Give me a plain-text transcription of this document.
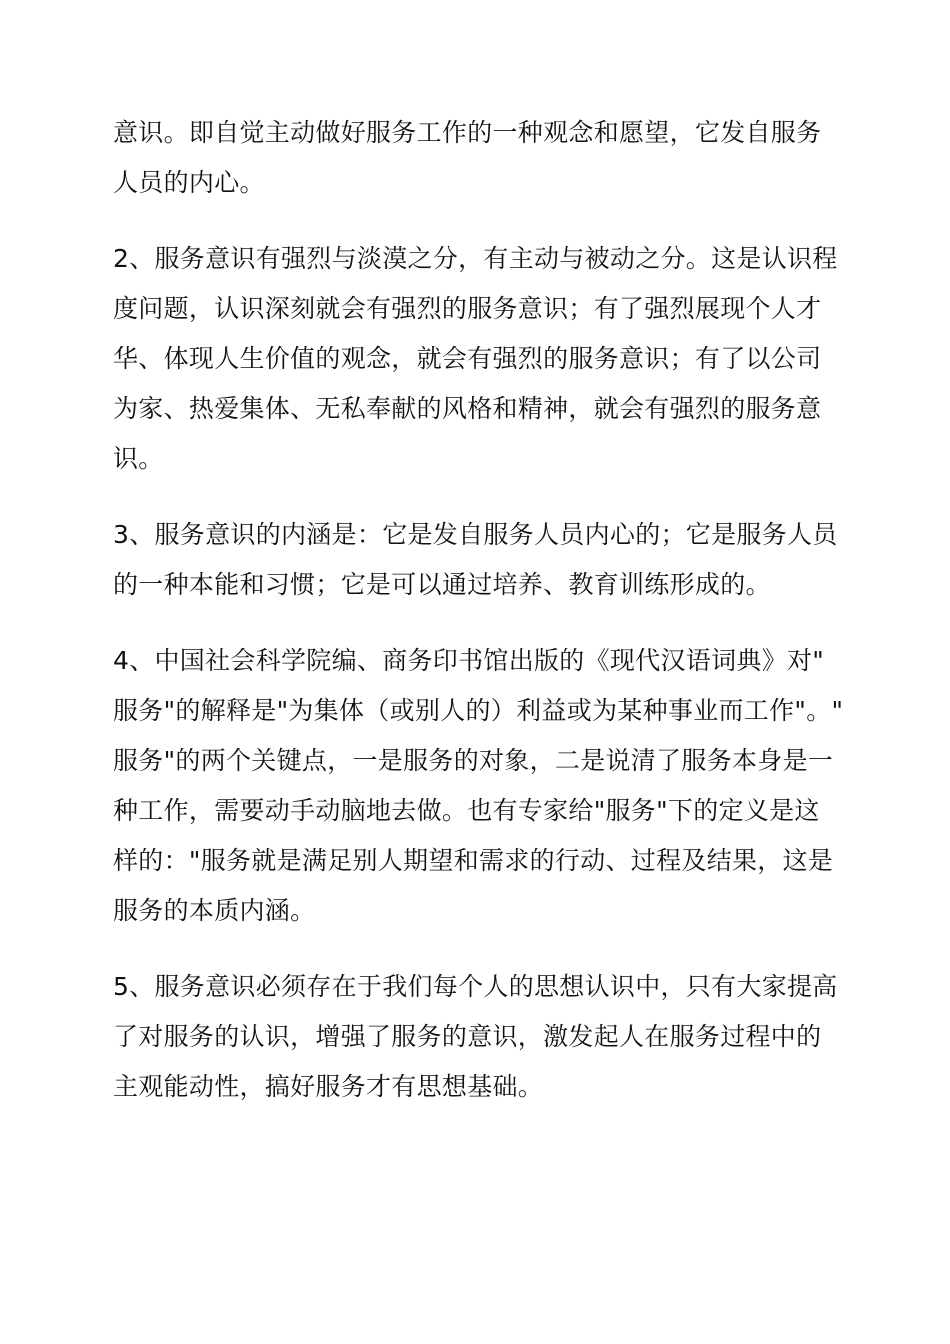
意识。即自觉主动做好服务工作的一种观念和愿望，它发自服务
人员的内心。

2、服务意识有强烈与淡漠之分，有主动与被动之分。这是认识程
度问题，认识深刻就会有强烈的服务意识；有了强烈展现个人才
华、体现人生价值的观念，就会有强烈的服务意识；有了以公司
为家、热爱集体、无私奉献的风格和精神，就会有强烈的服务意
识。

3、服务意识的内涵是：它是发自服务人员内心的；它是服务人员
的一种本能和习惯；它是可以通过培养、教育训练形成的。

4、中国社会科学院编、商务印书馆出版的《现代汉语词典》对"
服务"的解释是"为集体（或别人的）利益或为某种事业而工作"。"
服务"的两个关键点，一是服务的对象，二是说清了服务本身是一
种工作，需要动手动脑地去做。也有专家给"服务"下的定义是这
样的："服务就是满足别人期望和需求的行动、过程及结果，这是
服务的本质内涵。

5、服务意识必须存在于我们每个人的思想认识中，只有大家提高
了对服务的认识，增强了服务的意识，激发起人在服务过程中的
主观能动性，搞好服务才有思想基础。
